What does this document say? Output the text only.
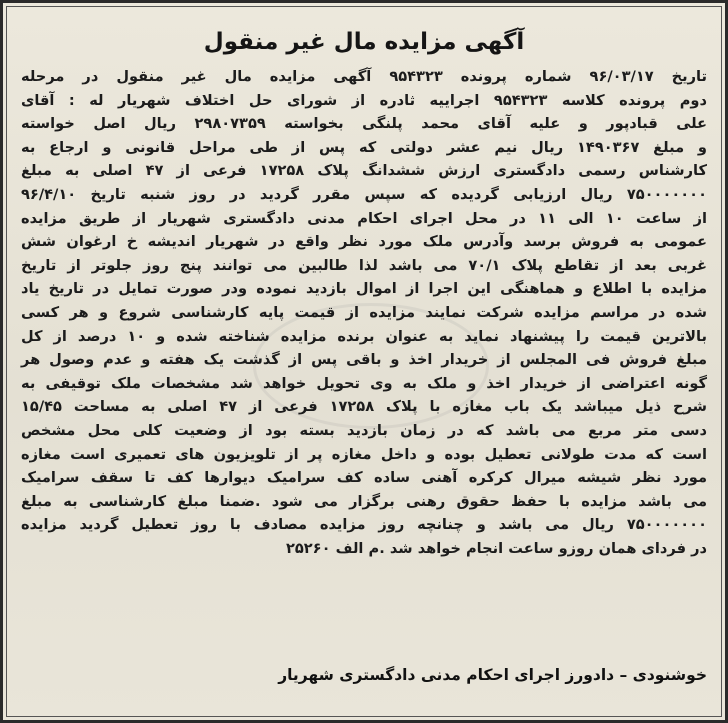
آگهی مزایده مال غیر منقول
تاریخ ۹۶/۰۳/۱۷ شماره پرونده ۹۵۴۳۲۳ آگهی مزایده مال غیر منقول در مرحله
دوم پرونده کلاسه ۹۵۴۳۲۳ اجراییه ثادره از شورای حل اختلاف شهریار له : آقای
علی قبادپور و علیه آقای محمد پلنگی بخواسته ۲۹۸۰۷۳۵۹ ریال اصل خواسته
و مبلغ ۱۴۹۰۳۶۷ ریال نیم عشر دولتی که پس از طی مراحل قانونی و ارجاع به
کارشناس رسمی دادگستری ارزش ششدانگ پلاک ۱۷۲۵۸ فرعی از ۴۷ اصلی به مبلغ
۷۵۰۰۰۰۰۰۰ ریال ارزیابی گردیده که سپس مقرر گردید در روز شنبه تاریخ ۹۶/۴/۱۰
از ساعت ۱۰ الی ۱۱ در محل اجرای احکام مدنی دادگستری شهریار از طریق مزایده
عمومی به فروش برسد وآدرس ملک مورد نظر واقع در شهریار اندیشه خ ارغوان شش
غربی بعد از تقاطع پلاک ۷۰/۱ می باشد لذا طالبین می توانند پنج روز جلوتر از تاریخ
مزایده با اطلاع و هماهنگی این اجرا از اموال بازدید نموده ودر صورت تمایل در تاریخ یاد
شده در مراسم مزایده شرکت نمایند مزایده از قیمت پایه کارشناسی شروع و هر کسی
بالاترین قیمت را پیشنهاد نماید به عنوان برنده مزایده شناخته شده و ۱۰ درصد از کل
مبلغ فروش فی المجلس از خریدار اخذ و باقی پس از گذشت یک هفته و عدم وصول هر
گونه اعتراضی از خریدار اخذ و ملک به وی تحویل خواهد شد مشخصات ملک توقیفی به
شرح ذیل میباشد یک باب مغازه با پلاک ۱۷۲۵۸ فرعی از ۴۷ اصلی به مساحت ۱۵/۴۵
دسی متر مربع می باشد که در زمان بازدید بسته بود از وضعیت کلی محل مشخص
است که مدت طولانی تعطیل بوده و داخل مغازه پر از تلویزیون های تعمیری است مغازه
مورد نظر شیشه میرال کرکره آهنی ساده کف سرامیک دیوارها کف تا سقف سرامیک
می باشد مزایده با حفظ حقوق رهنی برگزار می شود .ضمنا مبلغ کارشناسی به مبلغ
۷۵۰۰۰۰۰۰۰ ریال می باشد و چنانچه روز مزایده مصادف با روز تعطیل گردید مزایده
در فردای همان روزو ساعت انجام خواهد شد .م الف ۲۵۲۶۰
خوشنودی – دادورز اجرای احکام مدنی دادگستری شهریار
